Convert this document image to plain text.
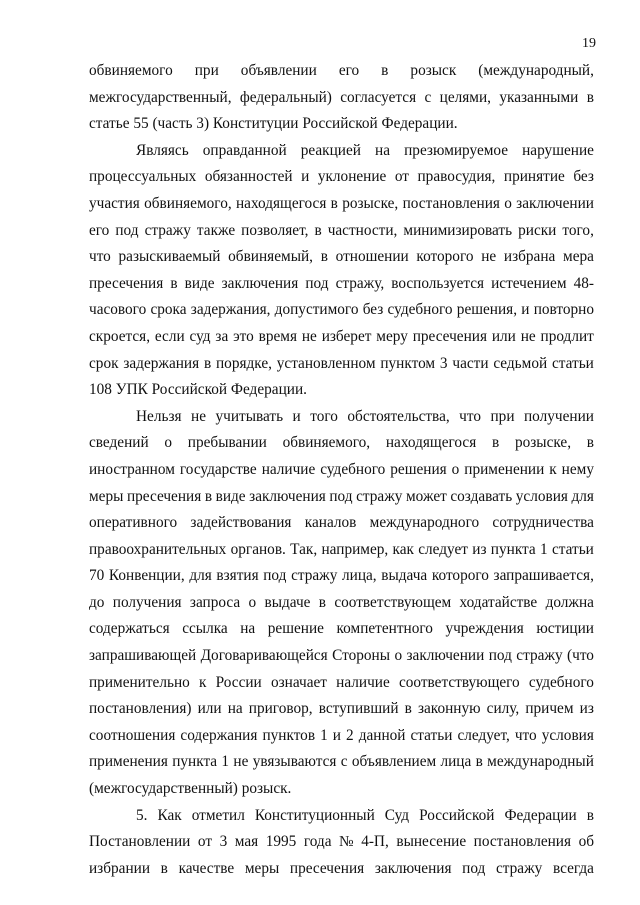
19
обвиняемого при объявлении его в розыск (международный,
межгосударственный, федеральный) согласуется с целями, указанными в
статье 55 (часть 3) Конституции Российской Федерации.
Являясь оправданной реакцией на презюмируемое нарушение
процессуальных обязанностей и уклонение от правосудия, принятие без
участия обвиняемого, находящегося в розыске, постановления о заключении
его под стражу также позволяет, в частности, минимизировать риски того,
что разыскиваемый обвиняемый, в отношении которого не избрана мера
пресечения в виде заключения под стражу, воспользуется истечением 48-
часового срока задержания, допустимого без судебного решения, и повторно
скроется, если суд за это время не изберет меру пресечения или не продлит
срок задержания в порядке, установленном пунктом 3 части седьмой статьи
108 УПК Российской Федерации.
Нельзя не учитывать и того обстоятельства, что при получении
сведений о пребывании обвиняемого, находящегося в розыске, в
иностранном государстве наличие судебного решения о применении к нему
меры пресечения в виде заключения под стражу может создавать условия для
оперативного задействования каналов международного сотрудничества
правоохранительных органов. Так, например, как следует из пункта 1 статьи
70 Конвенции, для взятия под стражу лица, выдача которого запрашивается,
до получения запроса о выдаче в соответствующем ходатайстве должна
содержаться ссылка на решение компетентного учреждения юстиции
запрашивающей Договаривающейся Стороны о заключении под стражу (что
применительно к России означает наличие соответствующего судебного
постановления) или на приговор, вступивший в законную силу, причем из
соотношения содержания пунктов 1 и 2 данной статьи следует, что условия
применения пункта 1 не увязываются с объявлением лица в международный
(межгосударственный) розыск.
5. Как отметил Конституционный Суд Российской Федерации в
Постановлении от 3 мая 1995 года № 4-П, вынесение постановления об
избрании в качестве меры пресечения заключения под стражу всегда
